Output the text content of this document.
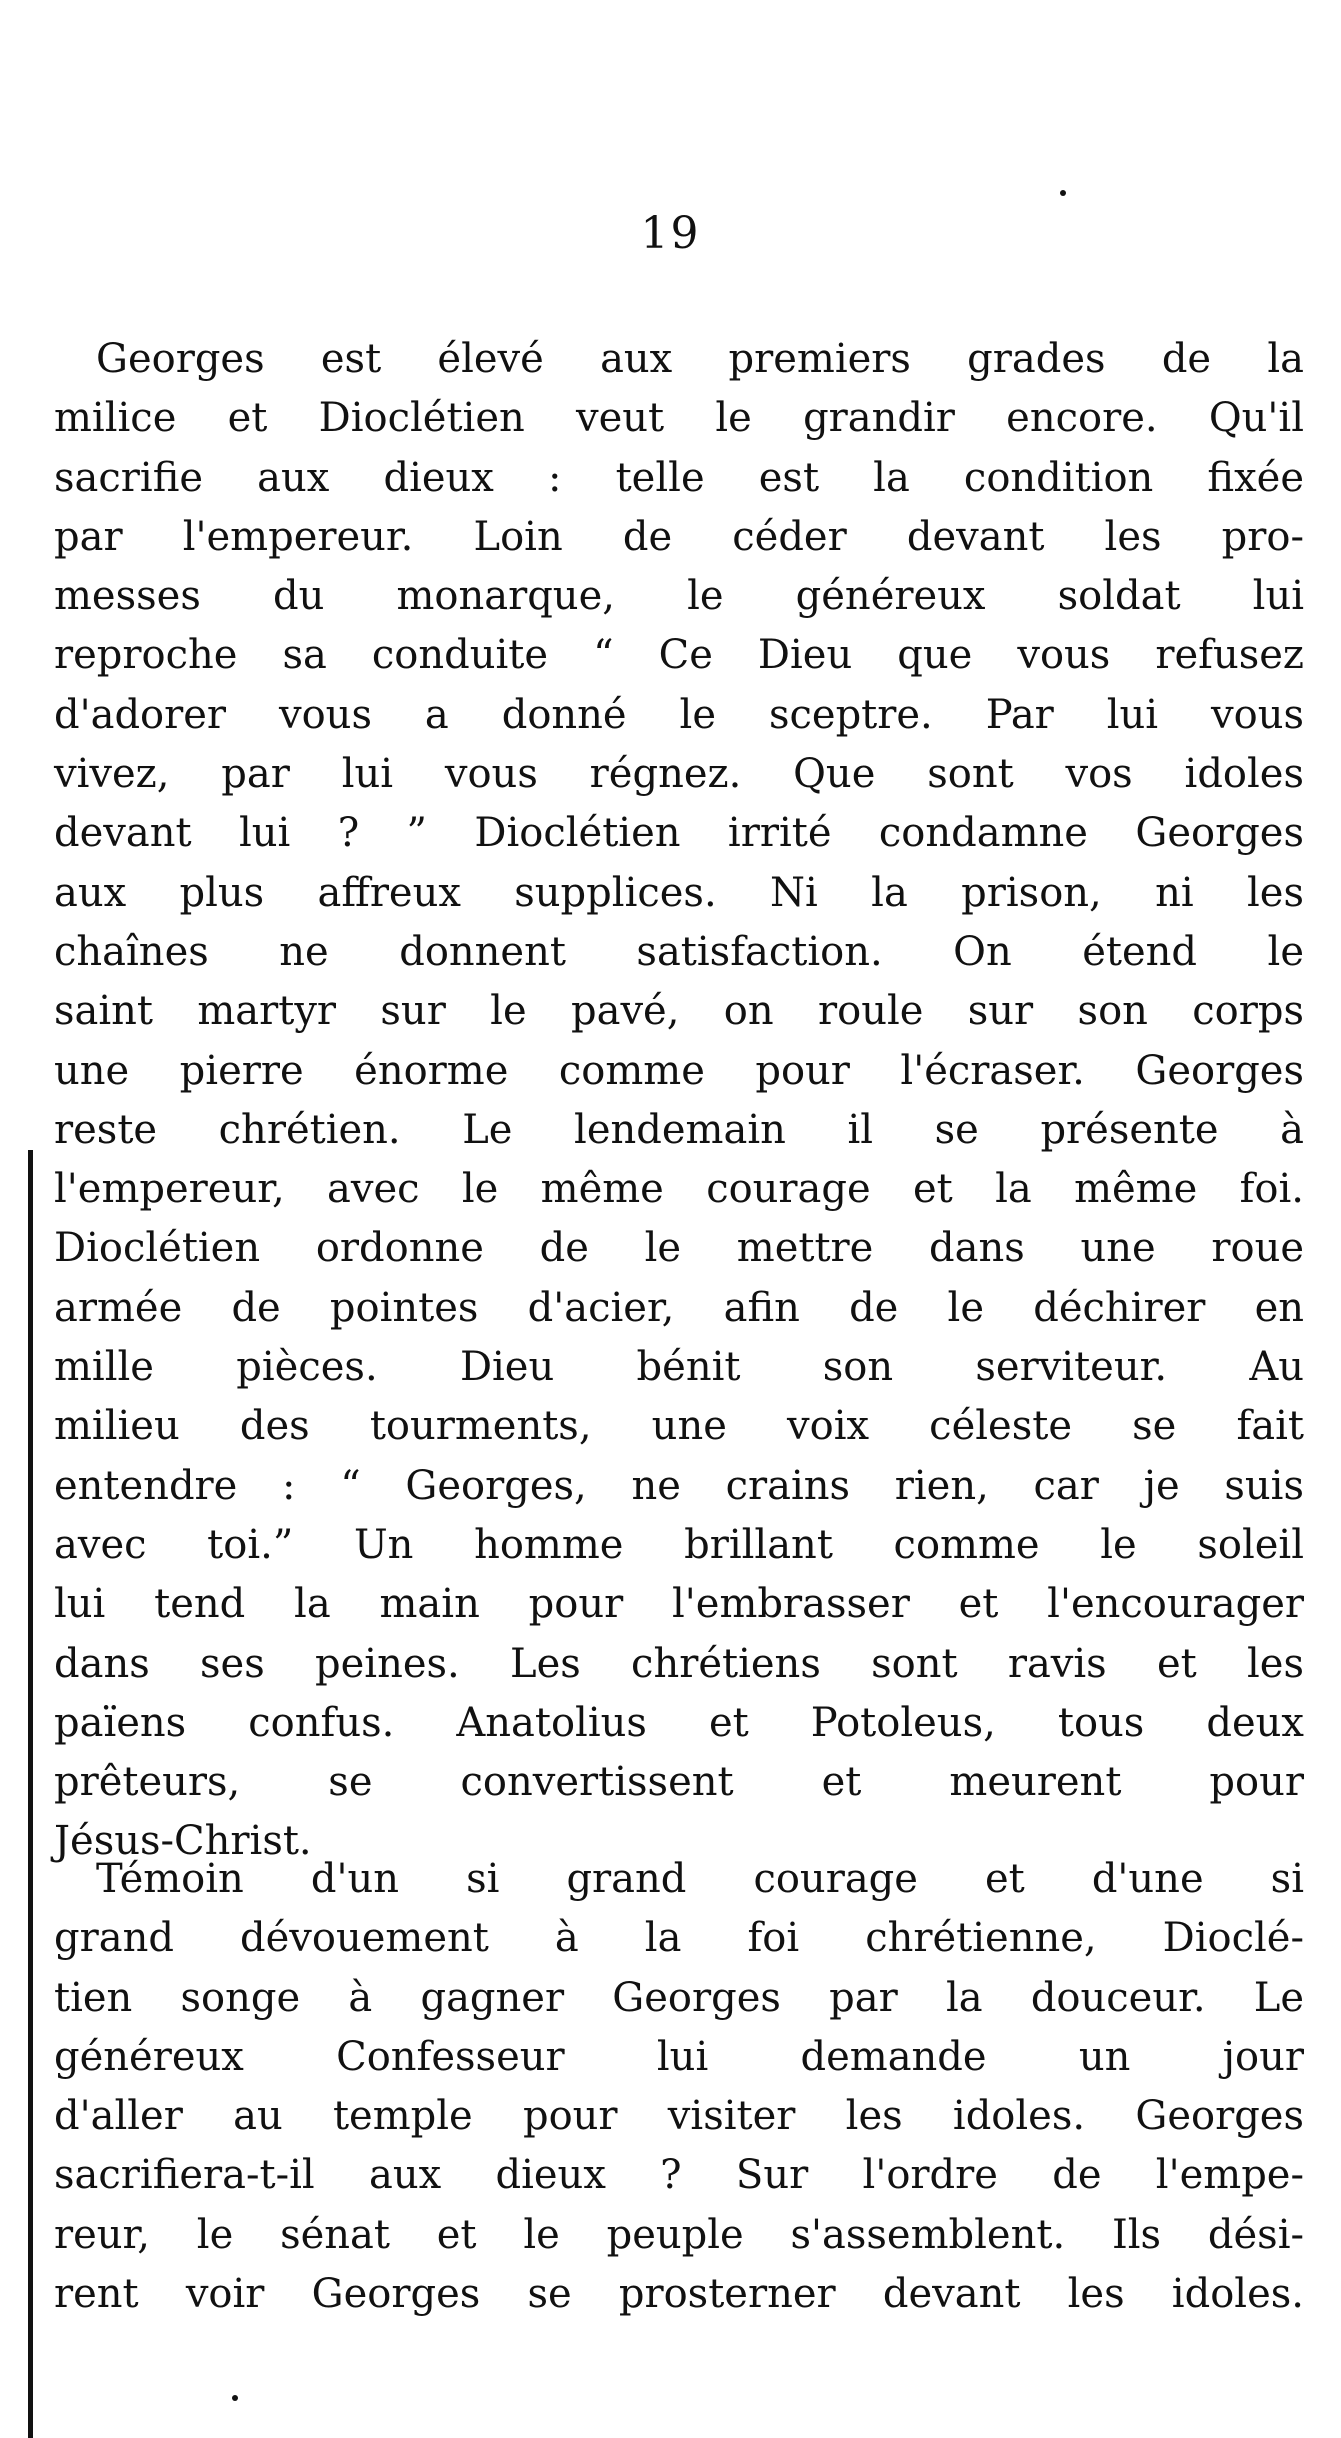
19
Georges est élevé aux premiers grades de la
milice et Dioclétien veut le grandir encore. Qu'il
sacrifie aux dieux : telle est la condition fixée
par l'empereur. Loin de céder devant les pro-
messes du monarque, le généreux soldat lui
reproche sa conduite “ Ce Dieu que vous refusez
d'adorer vous a donné le sceptre. Par lui vous
vivez, par lui vous régnez. Que sont vos idoles
devant lui ? ” Dioclétien irrité condamne Georges
aux plus affreux supplices. Ni la prison, ni les
chaînes ne donnent satisfaction. On étend le
saint martyr sur le pavé, on roule sur son corps
une pierre énorme comme pour l'écraser. Georges
reste chrétien. Le lendemain il se présente à
l'empereur, avec le même courage et la même foi.
Dioclétien ordonne de le mettre dans une roue
armée de pointes d'acier, afin de le déchirer en
mille pièces. Dieu bénit son serviteur. Au
milieu des tourments, une voix céleste se fait
entendre : “ Georges, ne crains rien, car je suis
avec toi.” Un homme brillant comme le soleil
lui tend la main pour l'embrasser et l'encourager
dans ses peines. Les chrétiens sont ravis et les
païens confus. Anatolius et Potoleus, tous deux
prêteurs, se convertissent et meurent pour
Jésus-Christ.
Témoin d'un si grand courage et d'une si
grand dévouement à la foi chrétienne, Dioclé-
tien songe à gagner Georges par la douceur. Le
généreux Confesseur lui demande un jour
d'aller au temple pour visiter les idoles. Georges
sacrifiera-t-il aux dieux ? Sur l'ordre de l'empe-
reur, le sénat et le peuple s'assemblent. Ils dési-
rent voir Georges se prosterner devant les idoles.
